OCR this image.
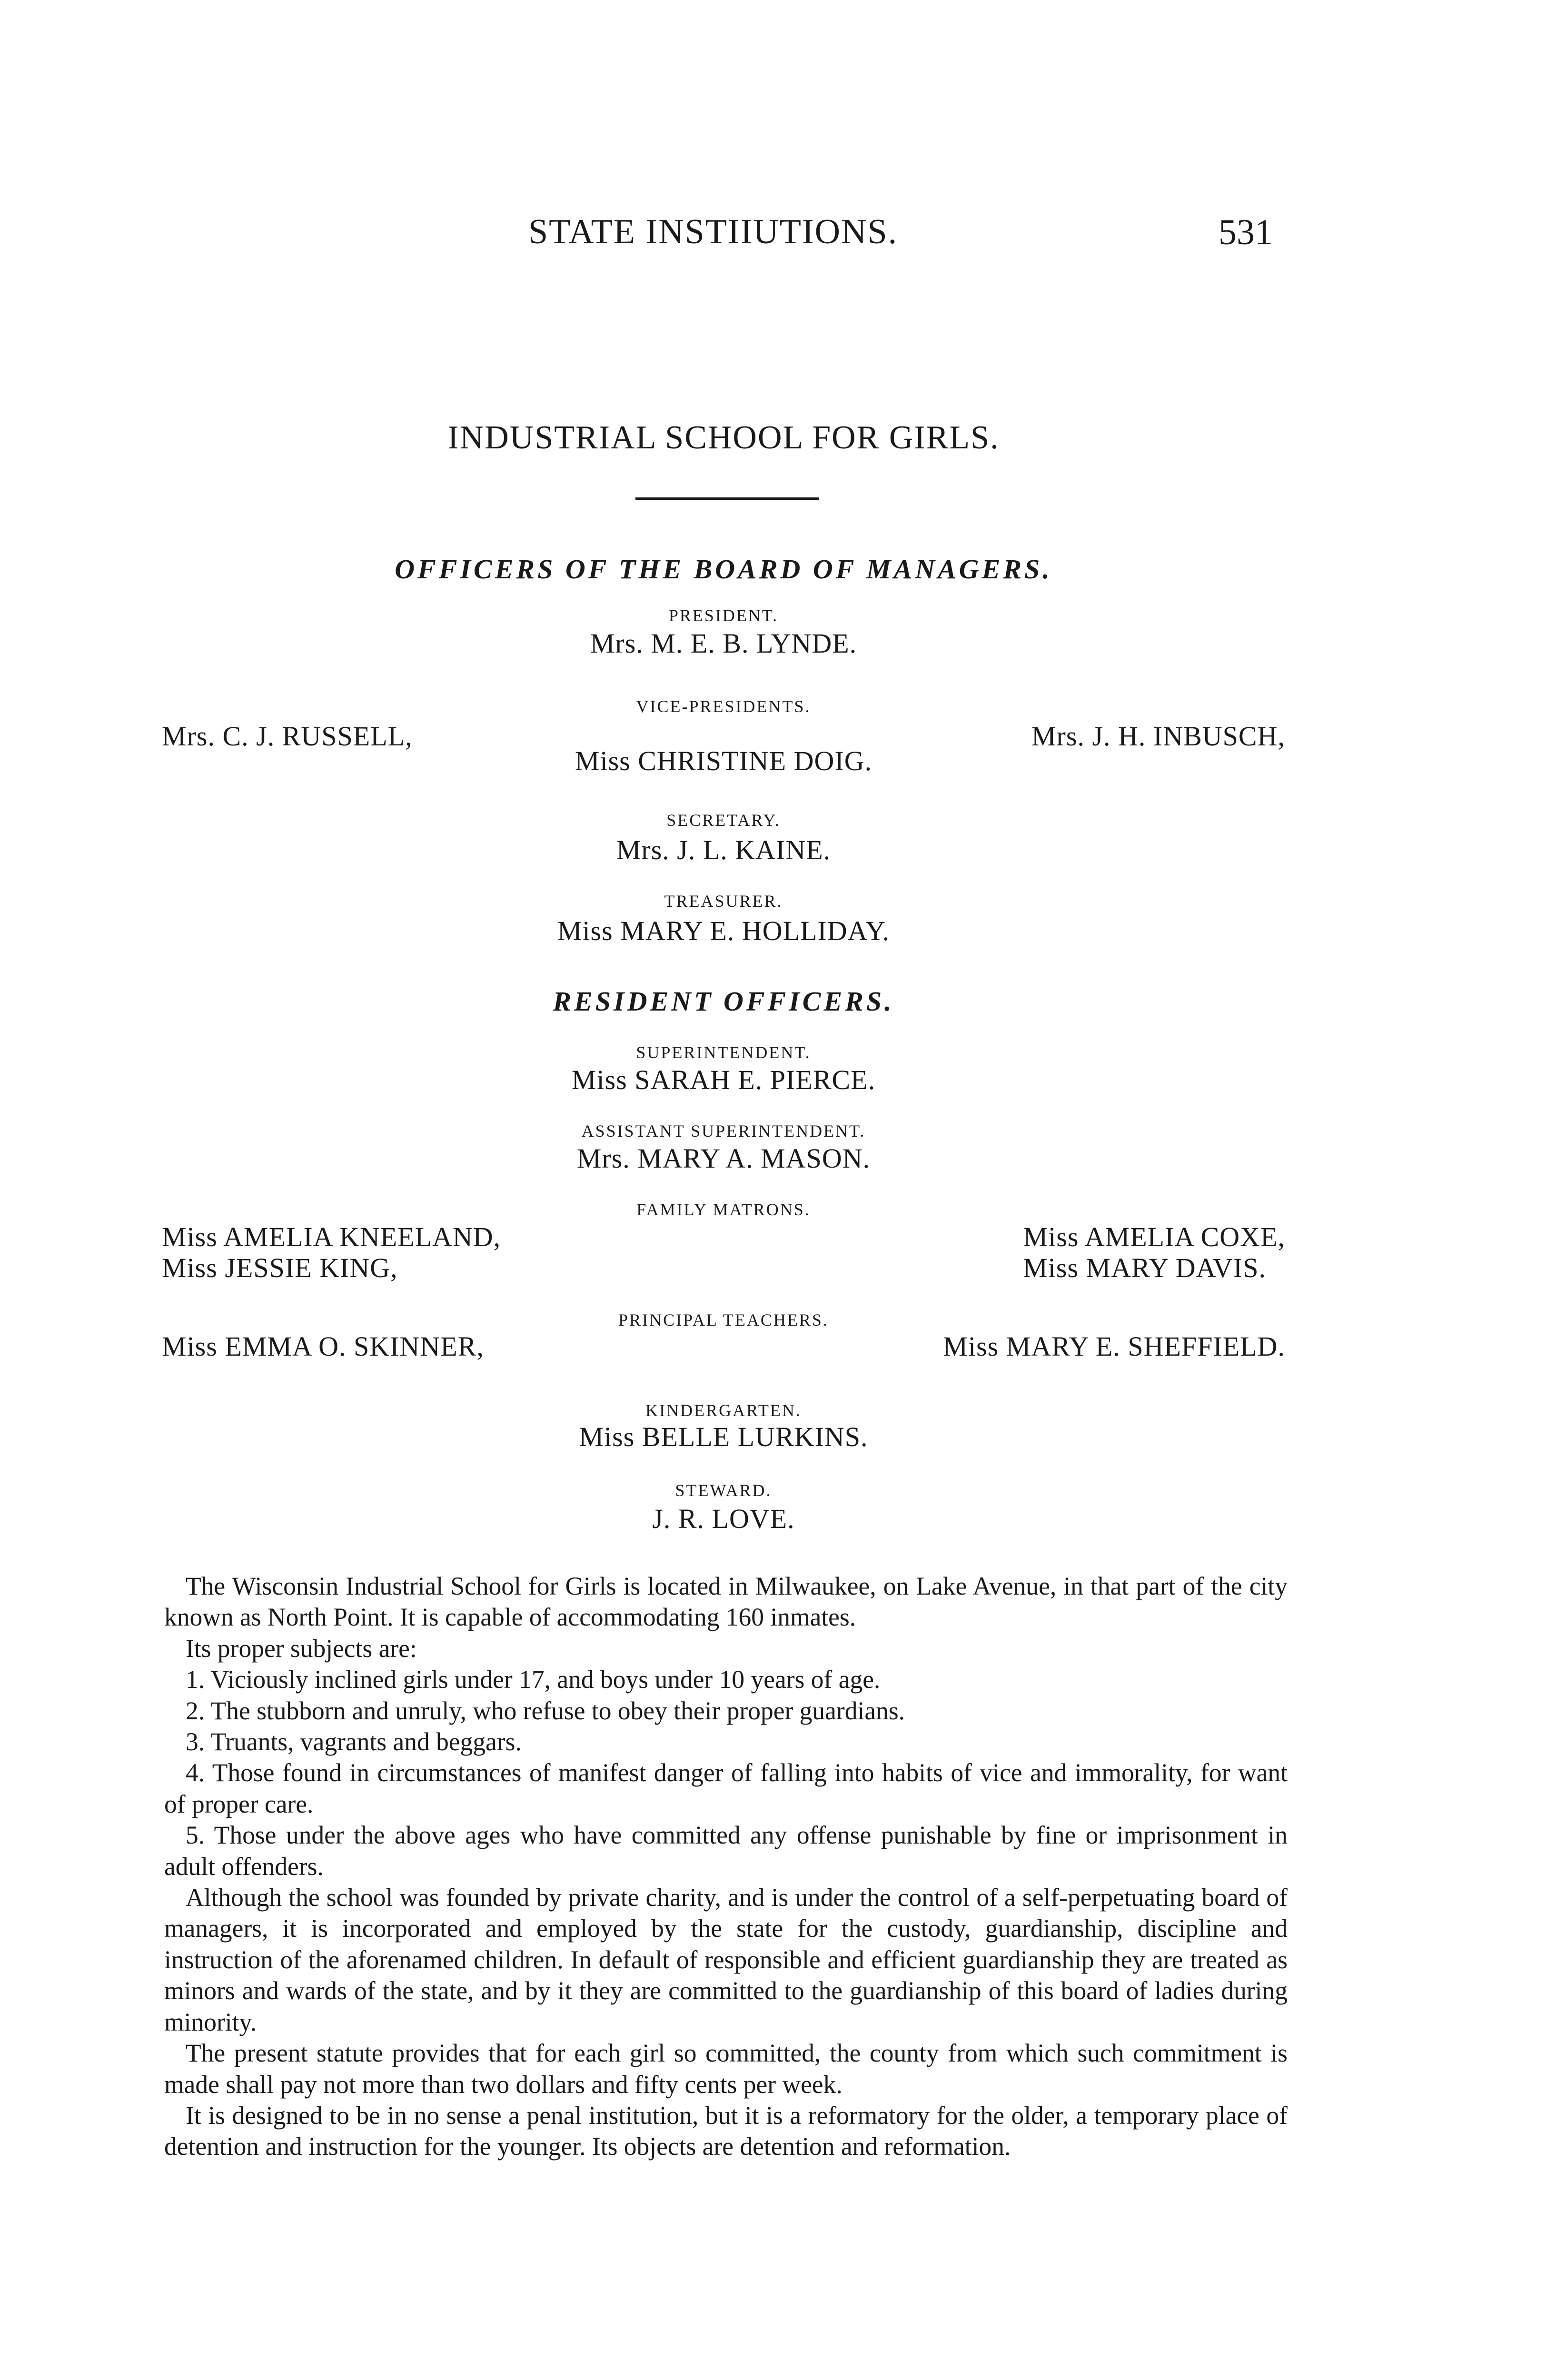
STATE INSTIIUTIONS.	531
INDUSTRIAL SCHOOL FOR GIRLS.
OFFICERS OF THE BOARD OF MANAGERS.
PRESIDENT.
Mrs. M. E. B. LYNDE.
VICE-PRESIDENTS.
Mrs. C. J. RUSSELL,
Miss CHRISTINE DOIG.
Mrs. J. H. INBUSCH,
SECRETARY.
Mrs. J. L. KAINE.
TREASURER.
Miss MARY E. HOLLIDAY.
RESIDENT OFFICERS.
SUPERINTENDENT.
Miss SARAH E. PIERCE.
ASSISTANT SUPERINTENDENT.
Mrs. MARY A. MASON.
FAMILY MATRONS.
Miss AMELIA KNEELAND,
Miss JESSIE KING,
Miss AMELIA COXE,
Miss MARY DAVIS.
PRINCIPAL TEACHERS.
Miss EMMA O. SKINNER,	Miss MARY E. SHEFFIELD.
KINDERGARTEN.
Miss BELLE LURKINS.
STEWARD.
J. R. LOVE.

The Wisconsin Industrial School for Girls is located in Milwaukee, on Lake Avenue, in that part of the city known as North Point. It is capable of accommodating 160 inmates.

Its proper subjects are:

1. Viciously inclined girls under 17, and boys under 10 years of age.

2. The stubborn and unruly, who refuse to obey their proper guardians.

3. Truants, vagrants and beggars.

4. Those found in circumstances of manifest danger of falling into habits of vice and immorality, for want of proper care.

5. Those under the above ages who have committed any offense punishable by fine or imprisonment in adult offenders.

Although the school was founded by private charity, and is under the control of a self-perpetuating board of managers, it is incorporated and employed by the state for the custody, guardianship, discipline and instruction of the aforenamed children. In default of responsible and efficient guardianship they are treated as minors and wards of the state, and by it they are committed to the guardianship of this board of ladies during minority.

The present statute provides that for each girl so committed, the county from which such commitment is made shall pay not more than two dollars and fifty cents per week.

It is designed to be in no sense a penal institution, but it is a reformatory for the older, a temporary place of detention and instruction for the younger. Its objects are detention and reformation.
